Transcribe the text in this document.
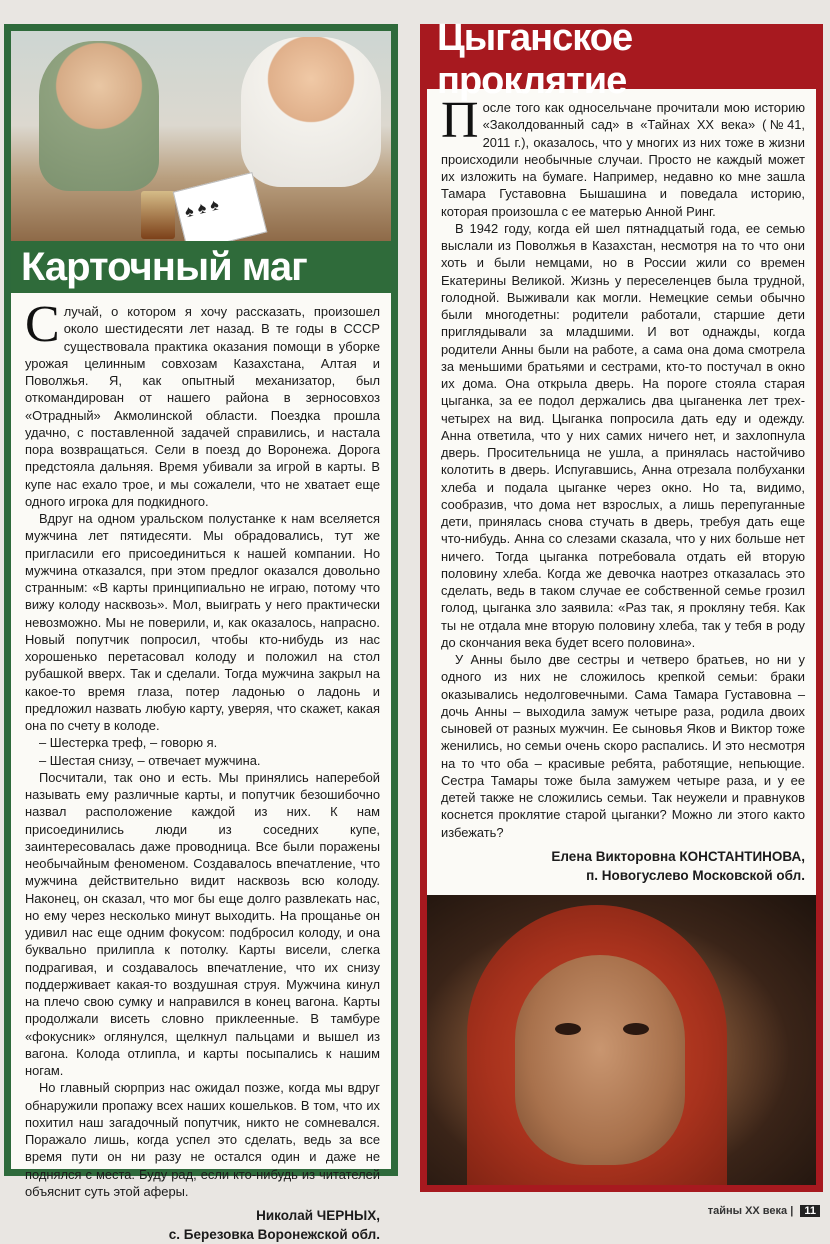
♠ ♠ ♠
Карточный маг

Случай, о котором я хочу рассказать, произошел около шестидесяти лет назад. В те годы в СССР существовала практика оказания помощи в уборке урожая целинным совхозам Казахстана, Алтая и Поволжья. Я, как опытный механизатор, был откомандирован от нашего района в зерносовхоз «Отрадный» Акмолинской области. Поездка прошла удачно, с поставленной задачей справились, и настала пора возвращаться. Сели в поезд до Воронежа. Дорога предстояла дальняя. Время убивали за игрой в карты. В купе нас ехало трое, и мы сожалели, что не хватает еще одного игрока для подкидного.

Вдруг на одном уральском полустанке к нам вселяется мужчина лет пятидесяти. Мы обрадовались, тут же пригласили его присоединиться к нашей компании. Но мужчина отказался, при этом предлог оказался довольно странным: «В карты принципиально не играю, потому что вижу колоду насквозь». Мол, выиграть у него практически невозможно. Мы не поверили, и, как оказалось, напрасно. Новый попутчик попросил, чтобы кто-нибудь из нас хорошенько перетасовал колоду и положил на стол рубашкой вверх. Так и сделали. Тогда мужчина закрыл на какое-то время глаза, потер ладонью о ладонь и предложил назвать любую карту, уверяя, что скажет, какая она по счету в колоде.

– Шестерка треф, – говорю я.

– Шестая снизу, – отвечает мужчина.

Посчитали, так оно и есть. Мы принялись наперебой называть ему различные карты, и попутчик безошибочно назвал расположение каждой из них. К нам присоединились люди из соседних купе, заинтересовалась даже проводница. Все были поражены необычайным феноменом. Создавалось впечатление, что мужчина действительно видит насквозь всю колоду. Наконец, он сказал, что мог бы еще долго развлекать нас, но ему через несколько минут выходить. На прощанье он удивил нас еще одним фокусом: подбросил колоду, и она буквально прилипла к потолку. Карты висели, слегка подрагивая, и создавалось впечатление, что их снизу поддерживает какая-то воздушная струя. Мужчина кинул на плечо свою сумку и направился в конец вагона. Карты продолжали висеть словно приклеенные. В тамбуре «фокусник» оглянулся, щелкнул пальцами и вышел из вагона. Колода отлипла, и карты посыпались к нашим ногам.

Но главный сюрприз нас ожидал позже, когда мы вдруг обнаружили пропажу всех наших кошельков. В том, что их похитил наш загадочный попутчик, никто не сомневался. Поражало лишь, когда успел это сделать, ведь за все время пути он ни разу не остался один и даже не поднялся с места. Буду рад, если кто-нибудь из читателей объяснит суть этой аферы.

Николай ЧЕРНЫХ,
с. Березовка Воронежской обл.
Цыганское проклятие

После того как односельчане прочитали мою историю «Заколдованный сад» в «Тайнах ХХ века» (№41, 2011 г.), оказалось, что у многих из них тоже в жизни происходили необычные случаи. Просто не каждый может их изложить на бумаге. Например, недавно ко мне зашла Тамара Густавовна Бышашина и поведала историю, которая произошла с ее матерью Анной Ринг.

В 1942 году, когда ей шел пятнадцатый года, ее семью выслали из Поволжья в Казахстан, несмотря на то что они хоть и были немцами, но в России жили со времен Екатерины Великой. Жизнь у переселенцев была трудной, голодной. Выживали как могли. Немецкие семьи обычно были многодетны: родители работали, старшие дети приглядывали за младшими. И вот однажды, когда родители Анны были на работе, а сама она дома смотрела за меньшими братьями и сестрами, кто-то постучал в окно их дома. Она открыла дверь. На пороге стояла старая цыганка, за ее подол держались два цыганенка лет трех-четырех на вид. Цыганка попросила дать еду и одежду. Анна ответила, что у них самих ничего нет, и захлопнула дверь. Просительница не ушла, а принялась настойчиво колотить в дверь. Испугавшись, Анна отрезала полбуханки хлеба и подала цыганке через окно. Но та, видимо, сообразив, что дома нет взрослых, а лишь перепуганные дети, принялась снова стучать в дверь, требуя дать еще что-нибудь. Анна со слезами сказала, что у них больше нет ничего. Тогда цыганка потребовала отдать ей вторую половину хлеба. Когда же девочка наотрез отказалась это сделать, ведь в таком случае ее собственной семье грозил голод, цыганка зло заявила: «Раз так, я прокляну тебя. Как ты не отдала мне вторую половину хлеба, так у тебя в роду до скончания века будет всего половина».

У Анны было две сестры и четверо братьев, но ни у одного из них не сложилось крепкой семьи: браки оказывались недолговечными. Сама Тамара Густавовна – дочь Анны – выходила замуж четыре раза, родила двоих сыновей от разных мужчин. Ее сыновья Яков и Виктор тоже женились, но семьи очень скоро распались. И это несмотря на то что оба – красивые ребята, работящие, непьющие. Сестра Тамары тоже была замужем четыре раза, и у ее детей также не сложились семьи. Так неужели и правнуков коснется проклятие старой цыганки? Можно ли этого както избежать?

Елена Викторовна КОНСТАНТИНОВА,
п. Новогуслево Московской обл.
тайны ХХ века | 11
